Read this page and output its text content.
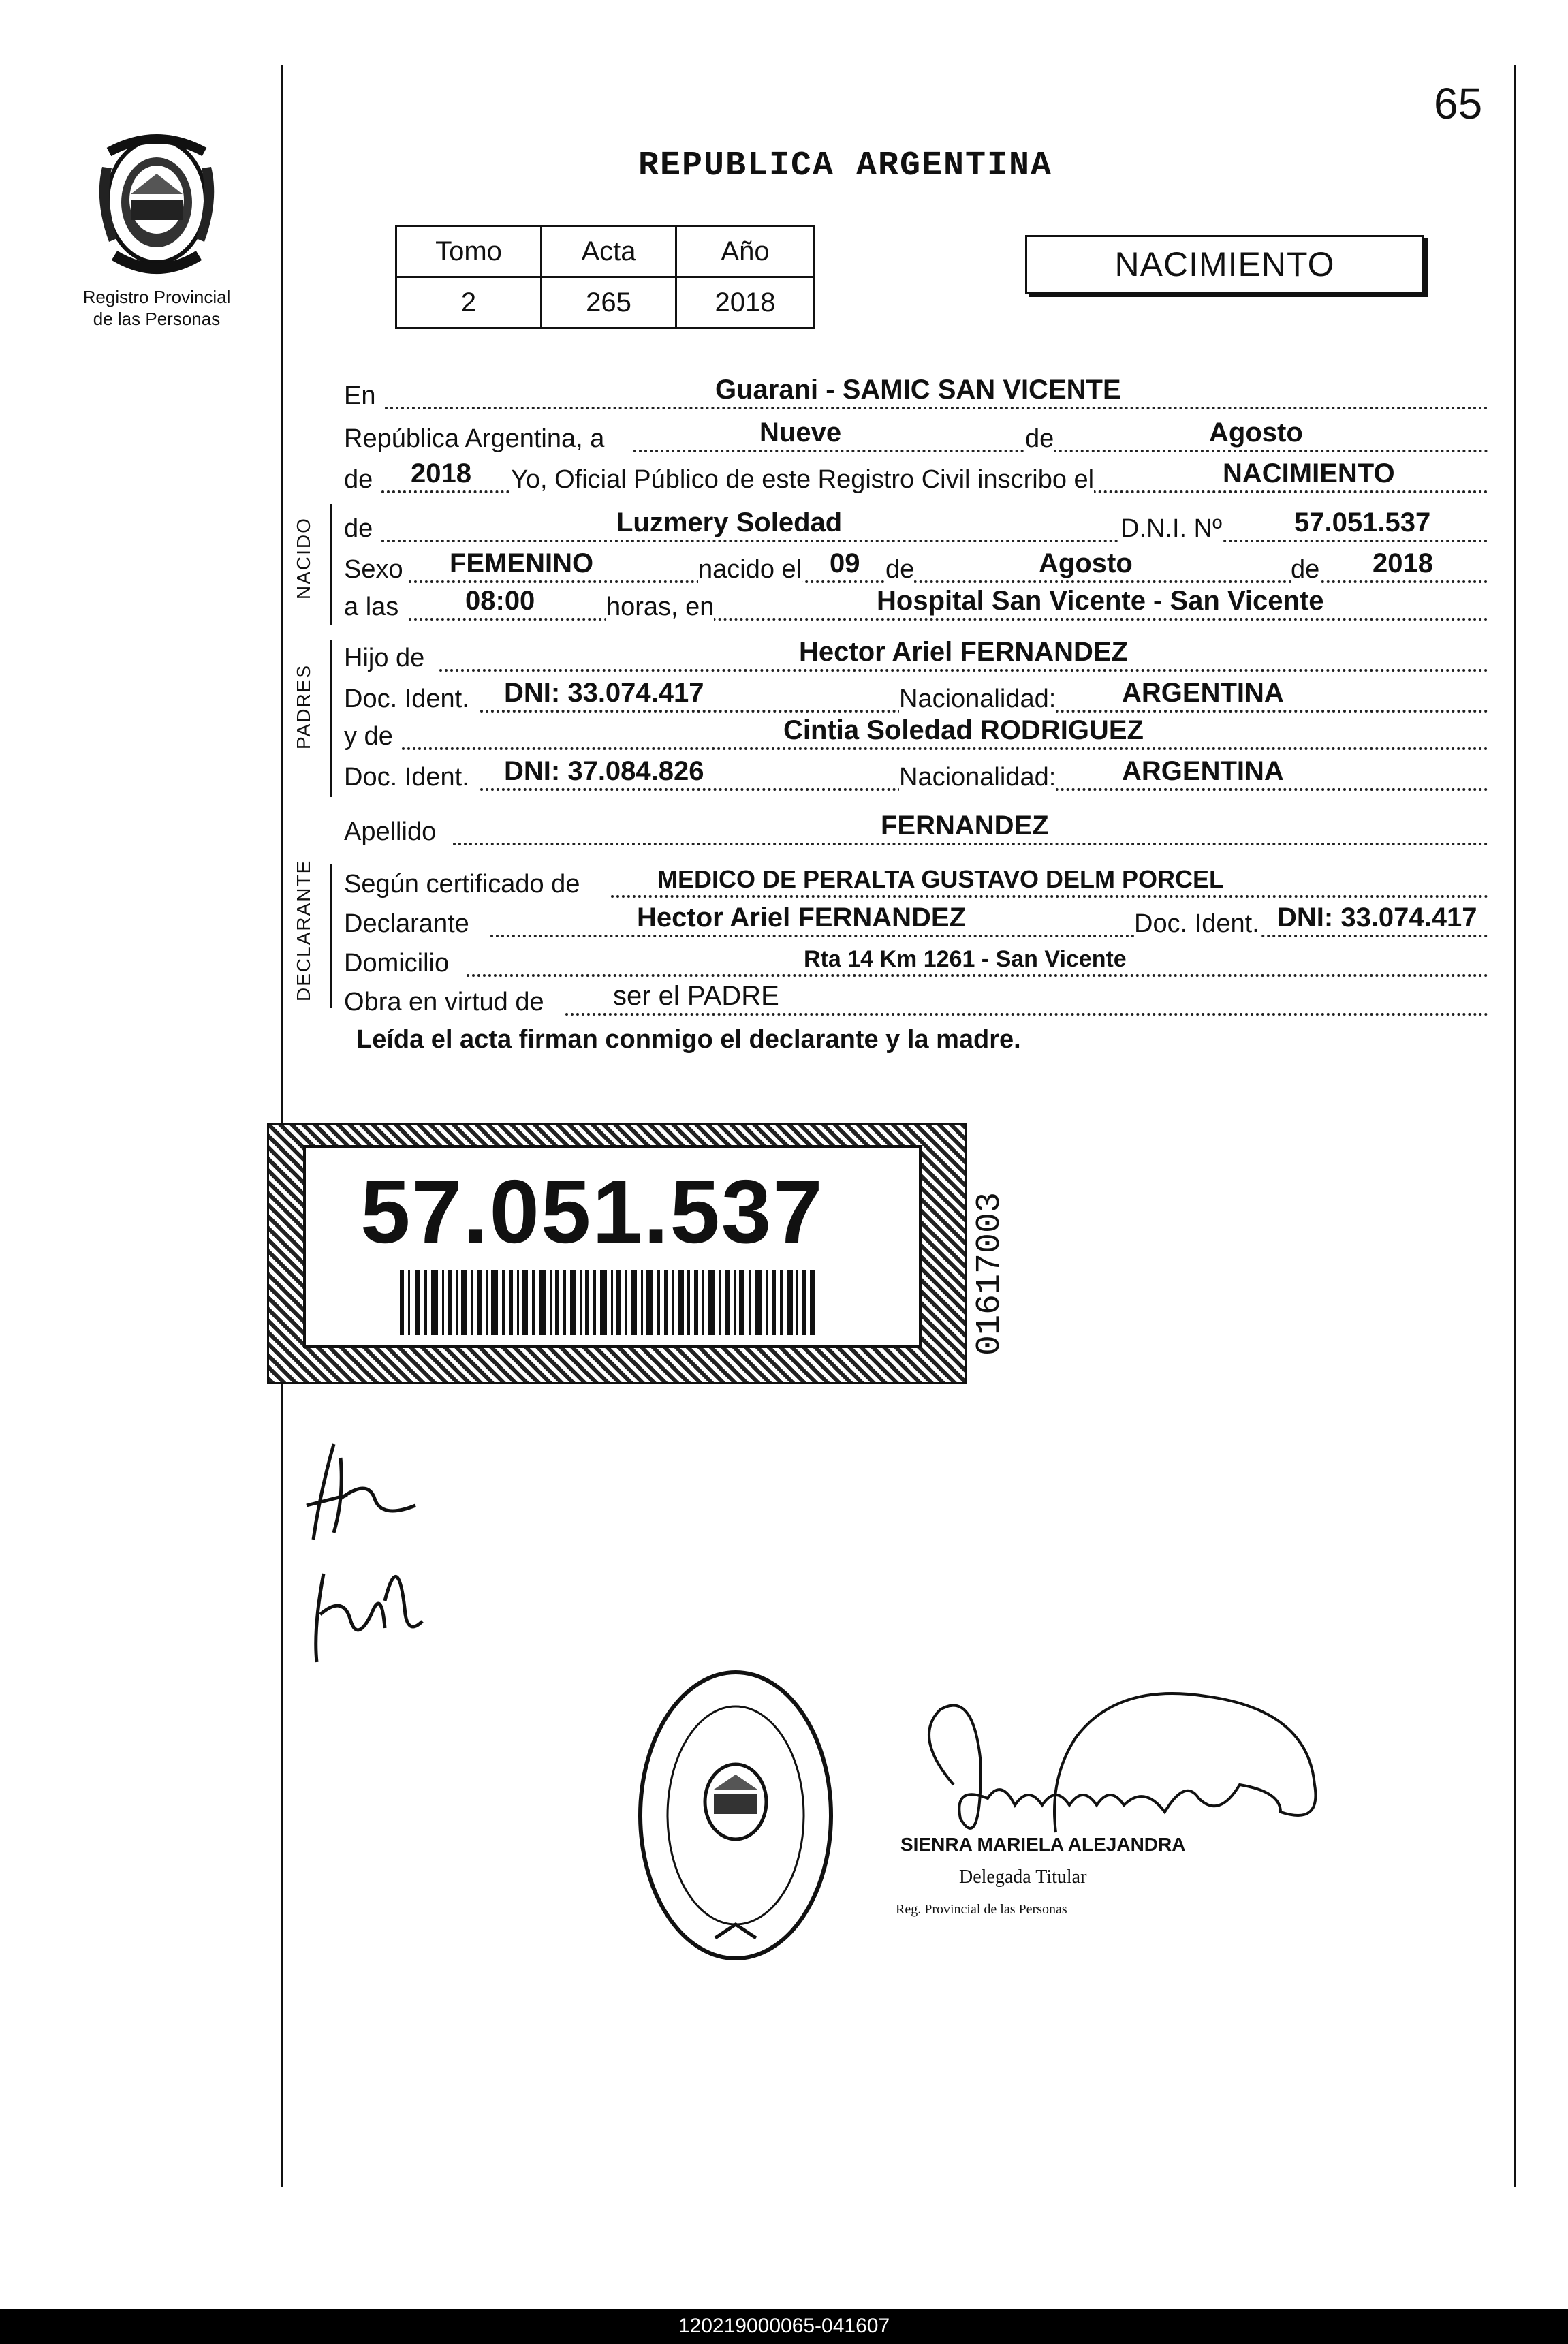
65
REPUBLICA ARGENTINA
Registro Provincial
de las Personas
Tomo	Acta	Año
2	265	2018
NACIMIENTO
En	Guarani - SAMIC SAN VICENTE
República Argentina, a	Nueve	de	Agosto
de 2018 Yo, Oficial Público de este Registro Civil inscribo el	NACIMIENTO
NACIDO de	Luzmery Soledad	D.N.I. Nº	57.051.537
Sexo FEMENINO	nacido el 09 de	Agosto	de 2018
a las 08:00	horas, en	Hospital San Vicente - San Vicente
PADRES
Hijo de	Hector Ariel FERNANDEZ
Doc. Ident. DNI: 33.074.417	Nacionalidad: ARGENTINA
y de	Cintia Soledad RODRIGUEZ
Doc. Ident. DNI: 37.084.826	Nacionalidad: ARGENTINA
Apellido	FERNANDEZ
DECLARANTE Según certificado de	MEDICO DE PERALTA GUSTAVO DELM PORCEL
Declarante	Hector Ariel FERNANDEZ	Doc. Ident. DNI: 33.074.417
Domicilio	Rta 14 Km 1261 - San Vicente
Obra en virtud de	ser el PADRE
Leída el acta firman conmigo el declarante y la madre.
57.051.537	01617003
SIENRA MARIELA ALEJANDRA
Delegada Titular
Reg. Provincial de las Personas
120219000065-041607
